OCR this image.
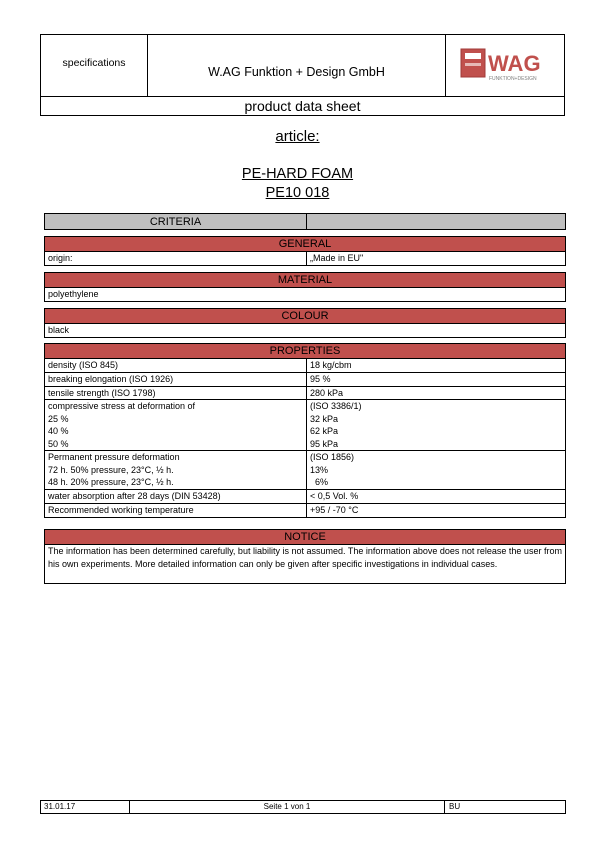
specifications
W.AG Funktion + Design GmbH	WAG
FUNKTION+DESIGN
product data sheet
article:
PE-HARD FOAM
PE10 018
CRITERIA
GENERAL
origin:	„Made in EU"
MATERIAL
polyethylene
COLOUR
black
PROPERTIES
density (ISO 845)	18 kg/cbm
breaking elongation (ISO 1926)	95 %
tensile strength (ISO 1798)	280 kPa
compressive stress at deformation of	(ISO 3386/1)
25 %	32 kPa
40 %	62 kPa
50 %	95 kPa
Permanent pressure deformation	(ISO 1856)
72 h. 50% pressure, 23°C, ½ h.	13%
48 h. 20% pressure, 23°C, ½ h.	6%
water absorption after 28 days (DIN 53428)	< 0,5 Vol. %
Recommended working temperature	+95 / -70 °C
NOTICE
The information has been determined carefully, but liability is not assumed. The information above does not release the user from his own experiments. More detailed information can only be given after specific investigations in individual cases.
31.01.17	Seite 1 von 1	BU
